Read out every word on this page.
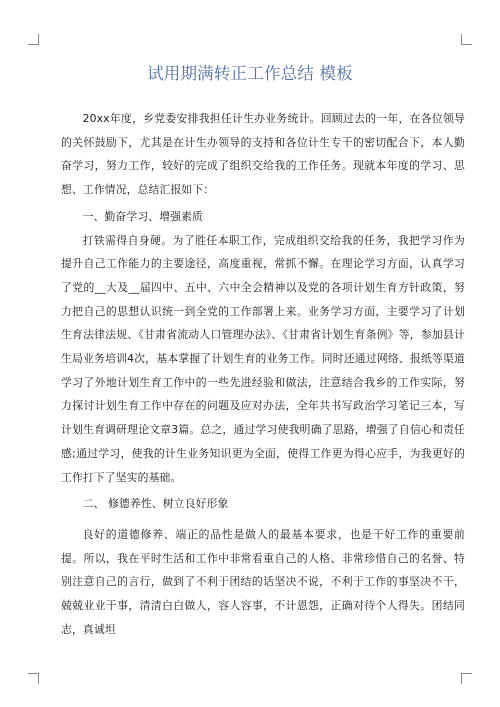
试用期满转正工作总结 模板

20xx年度，乡党委安排我担任计生办业务统计。回顾过去的一年，在各位领导的关怀鼓励下，尤其是在计生办领导的支持和各位计生专干的密切配合下，本人勤奋学习，努力工作，较好的完成了组织交给我的工作任务。现就本年度的学习、思想、工作情况，总结汇报如下：

一、勤奋学习、增强素质

打铁需得自身硬。为了胜任本职工作，完成组织交给我的任务，我把学习作为提升自己工作能力的主要途径，高度重视，常抓不懈。在理论学习方面，认真学习了党的__大及__届四中、五中、六中全会精神以及党的各项计划生育方针政策，努力把自己的思想认识统一到全党的工作部署上来。业务学习方面，主要学习了计划生育法律法规、《甘肃省流动人口管理办法》、《甘肃省计划生育条例》等，参加县计生局业务培训4次，基本掌握了计划生育的业务工作。同时还通过网络、报纸等渠道学习了外地计划生育工作中的一些先进经验和做法，注意结合我乡的工作实际，努力探讨计划生育工作中存在的问题及应对办法，全年共书写政治学习笔记三本，写计划生育调研理论文章3篇。总之，通过学习使我明确了思路，增强了自信心和责任感;通过学习，使我的计生业务知识更为全面，使得工作更为得心应手，为我更好的工作打下了坚实的基础。

二、 修德养性、树立良好形象

良好的道德修养、端正的品性是做人的最基本要求，也是干好工作的重要前提。所以，我在平时生活和工作中非常看重自己的人格、非常珍惜自己的名誉、特别注意自己的言行，做到了不利于团结的话坚决不说，不利于工作的事坚决不干，兢兢业业干事，清清白白做人，容人容事，不计恩怨，正确对待个人得失。团结同志，真诚坦
